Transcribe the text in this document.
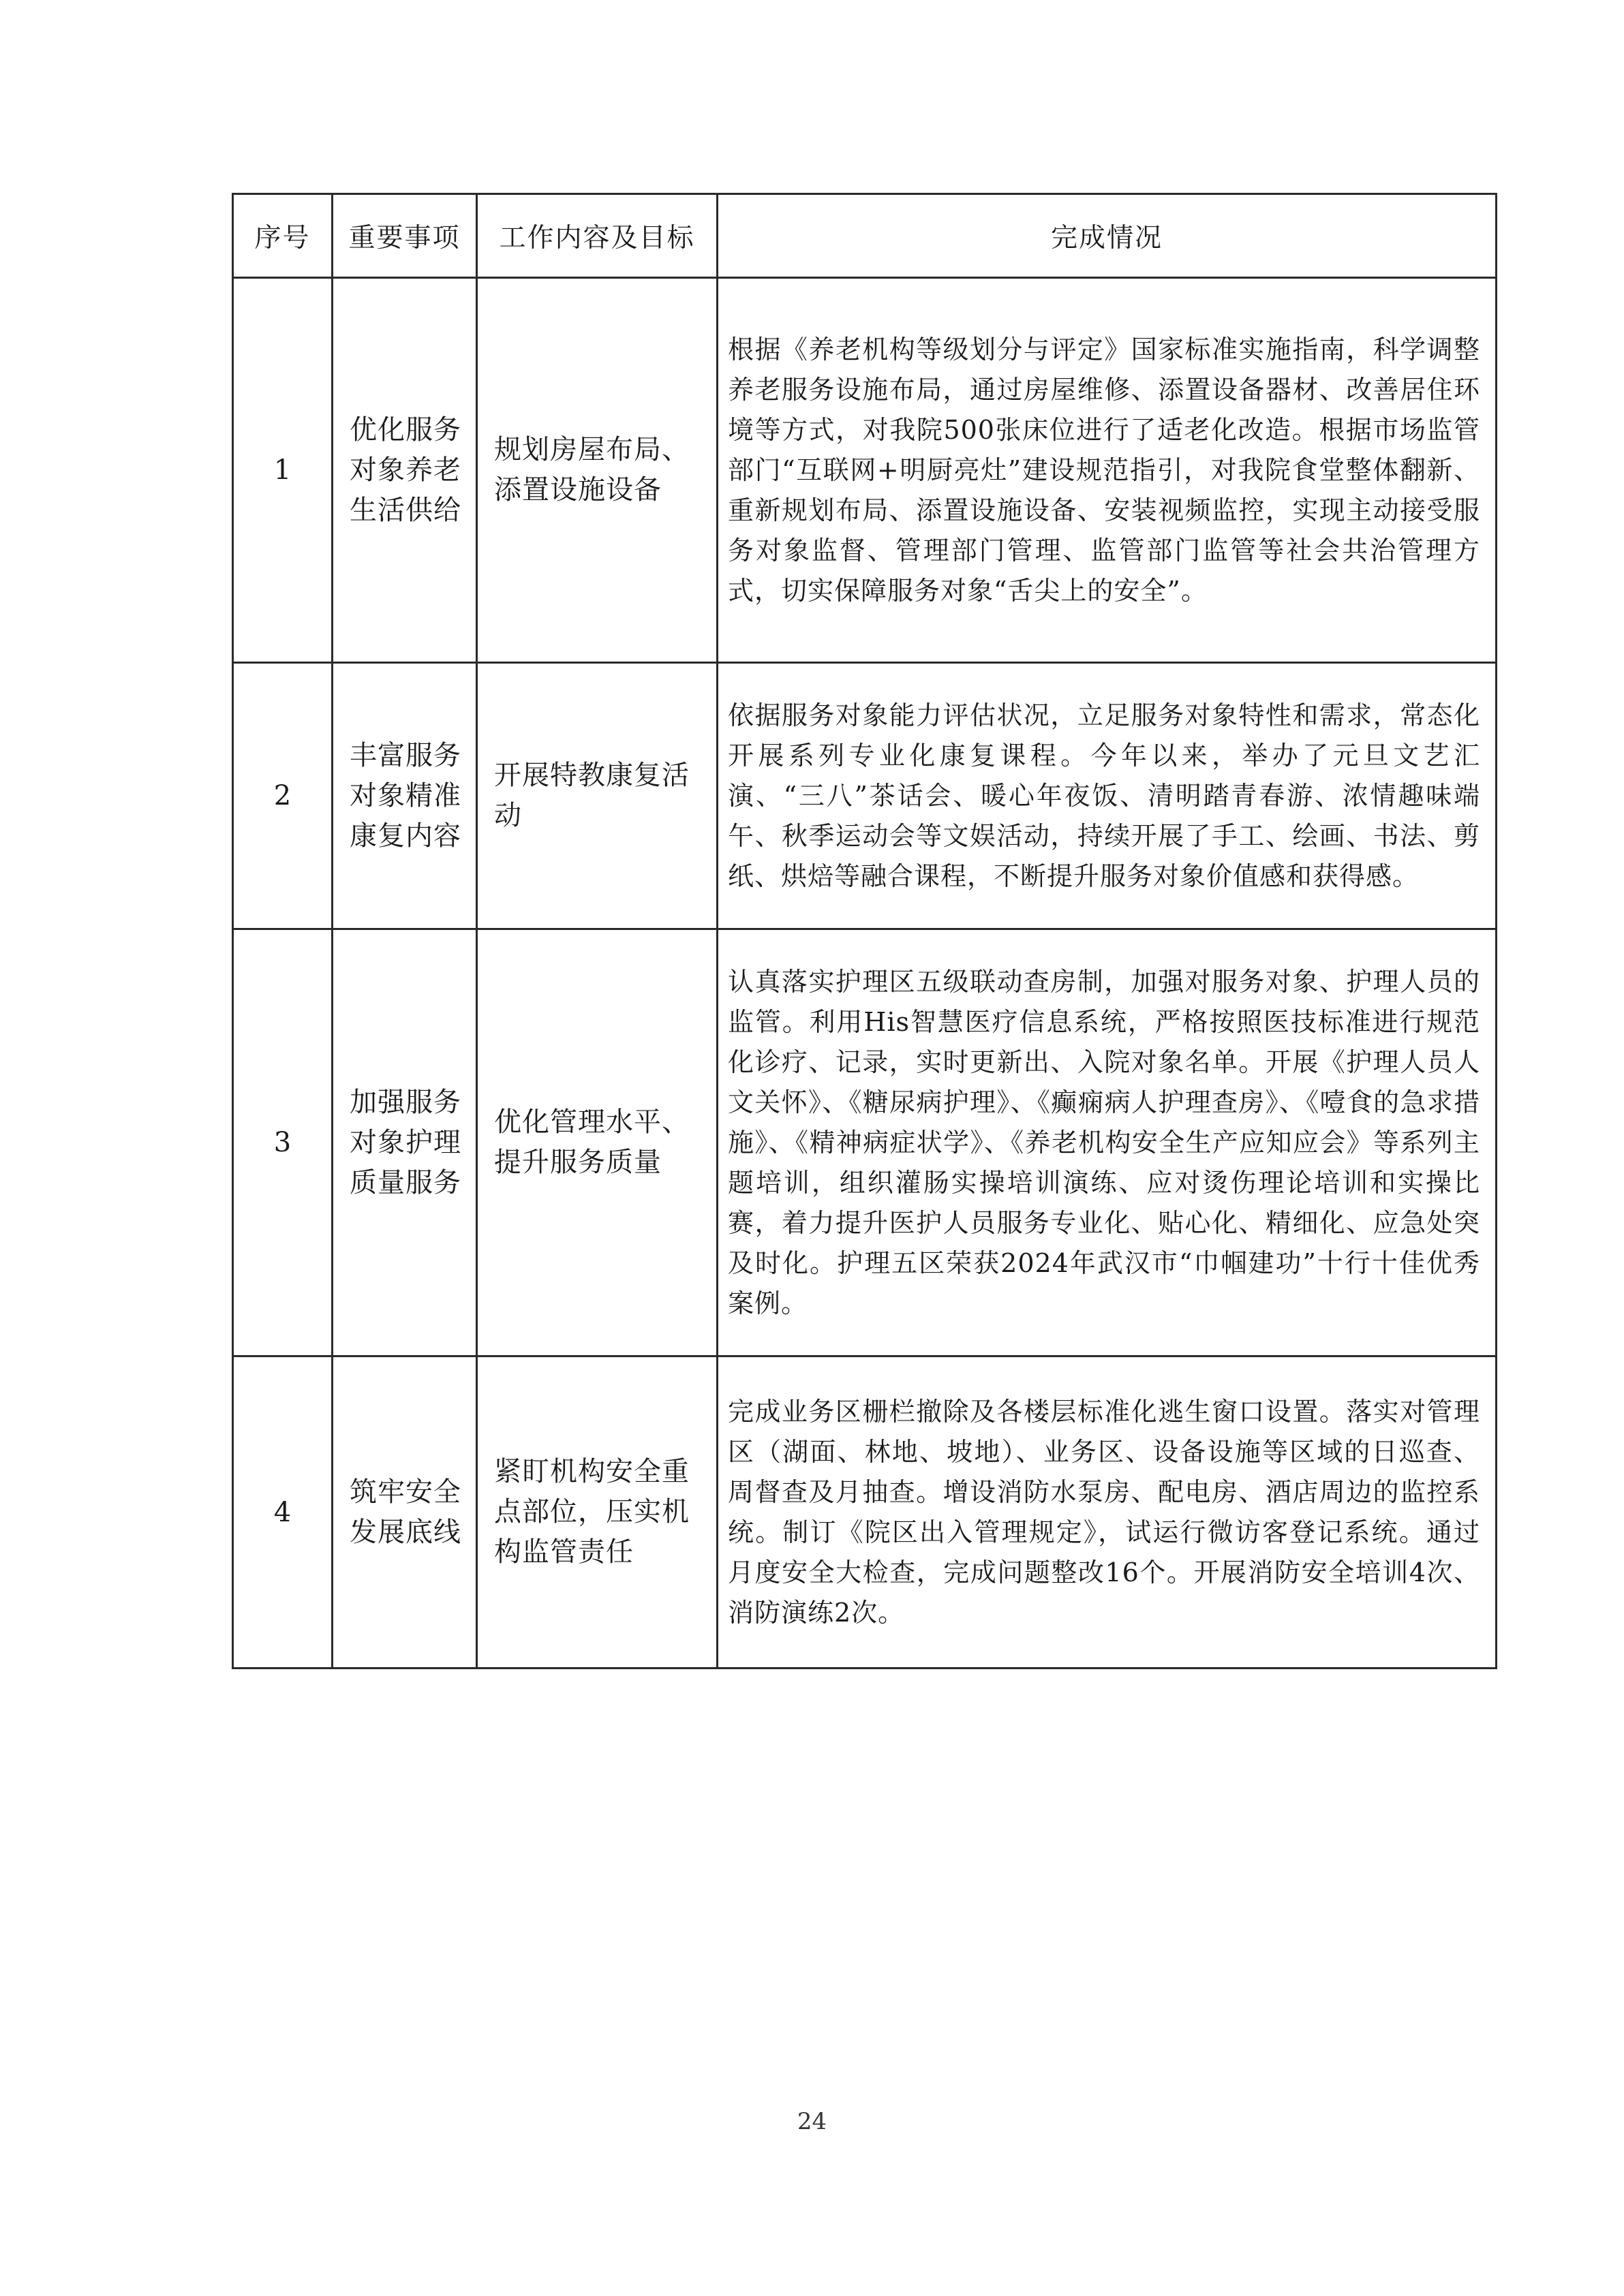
序号	重要事项	工作内容及目标	完成情况
1	优化服务对象养老生活供给	规划房屋布局、添置设施设备	根据《养老机构等级划分与评定》国家标准实施指南，科学调整养老服务设施布局，通过房屋维修、添置设备器材、改善居住环境等方式，对我院500张床位进行了适老化改造。根据市场监管部门“互联网+明厨亮灶”建设规范指引，对我院食堂整体翻新、重新规划布局、添置设施设备、安装视频监控，实现主动接受服务对象监督、管理部门管理、监管部门监管等社会共治管理方式，切实保障服务对象“舌尖上的安全”。
2	丰富服务对象精准康复内容	开展特教康复活动	依据服务对象能力评估状况，立足服务对象特性和需求，常态化开展系列专业化康复课程。今年以来，举办了元旦文艺汇演、“三八”茶话会、暖心年夜饭、清明踏青春游、浓情趣味端午、秋季运动会等文娱活动，持续开展了手工、绘画、书法、剪纸、烘焙等融合课程，不断提升服务对象价值感和获得感。
3	加强服务对象护理质量服务	优化管理水平、提升服务质量	认真落实护理区五级联动查房制，加强对服务对象、护理人员的监管。利用His智慧医疗信息系统，严格按照医技标准进行规范化诊疗、记录，实时更新出、入院对象名单。开展《护理人员人文关怀》、《糖尿病护理》、《癫痫病人护理查房》、《噎食的急求措施》、《精神病症状学》、《养老机构安全生产应知应会》等系列主题培训，组织灌肠实操培训演练、应对烫伤理论培训和实操比赛，着力提升医护人员服务专业化、贴心化、精细化、应急处突及时化。护理五区荣获2024年武汉市“巾帼建功”十行十佳优秀案例。
4	筑牢安全发展底线	紧盯机构安全重点部位，压实机构监管责任	完成业务区栅栏撤除及各楼层标准化逃生窗口设置。落实对管理区（湖面、林地、坡地）、业务区、设备设施等区域的日巡查、周督查及月抽查。增设消防水泵房、配电房、酒店周边的监控系统。制订《院区出入管理规定》，试运行微访客登记系统。通过月度安全大检查，完成问题整改16个。开展消防安全培训4次、消防演练2次。
24
